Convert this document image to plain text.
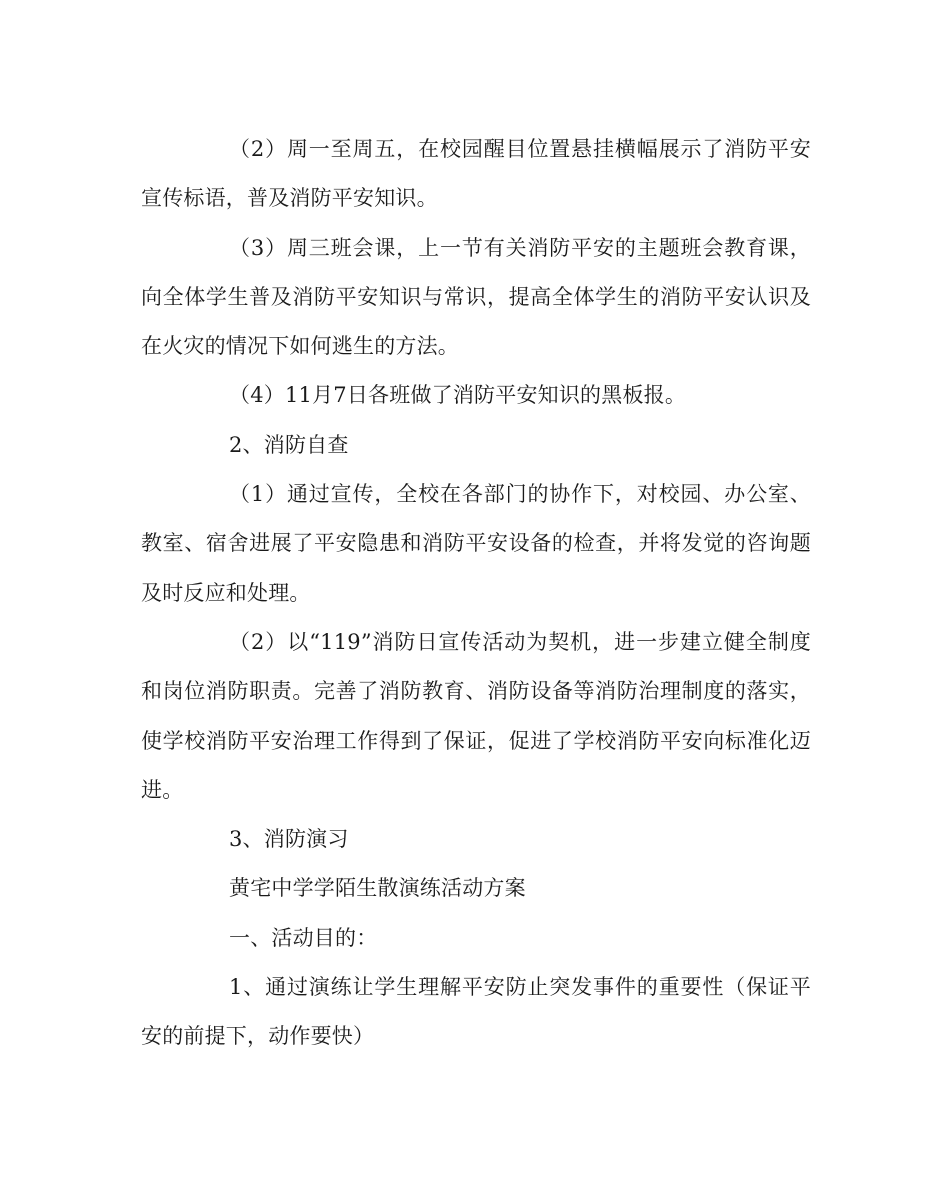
（2）周一至周五，在校园醒目位置悬挂横幅展示了消防平安宣传标语，普及消防平安知识。

（3）周三班会课，上一节有关消防平安的主题班会教育课，向全体学生普及消防平安知识与常识，提高全体学生的消防平安认识及在火灾的情况下如何逃生的方法。

（4）11月7日各班做了消防平安知识的黑板报。

2、消防自查

（1）通过宣传，全校在各部门的协作下，对校园、办公室、教室、宿舍进展了平安隐患和消防平安设备的检查，并将发觉的咨询题及时反应和处理。

（2）以“119”消防日宣传活动为契机，进一步建立健全制度和岗位消防职责。完善了消防教育、消防设备等消防治理制度的落实，使学校消防平安治理工作得到了保证，促进了学校消防平安向标准化迈进。

3、消防演习

黄宅中学学陌生散演练活动方案

一、活动目的：

1、通过演练让学生理解平安防止突发事件的重要性（保证平安的前提下，动作要快）
